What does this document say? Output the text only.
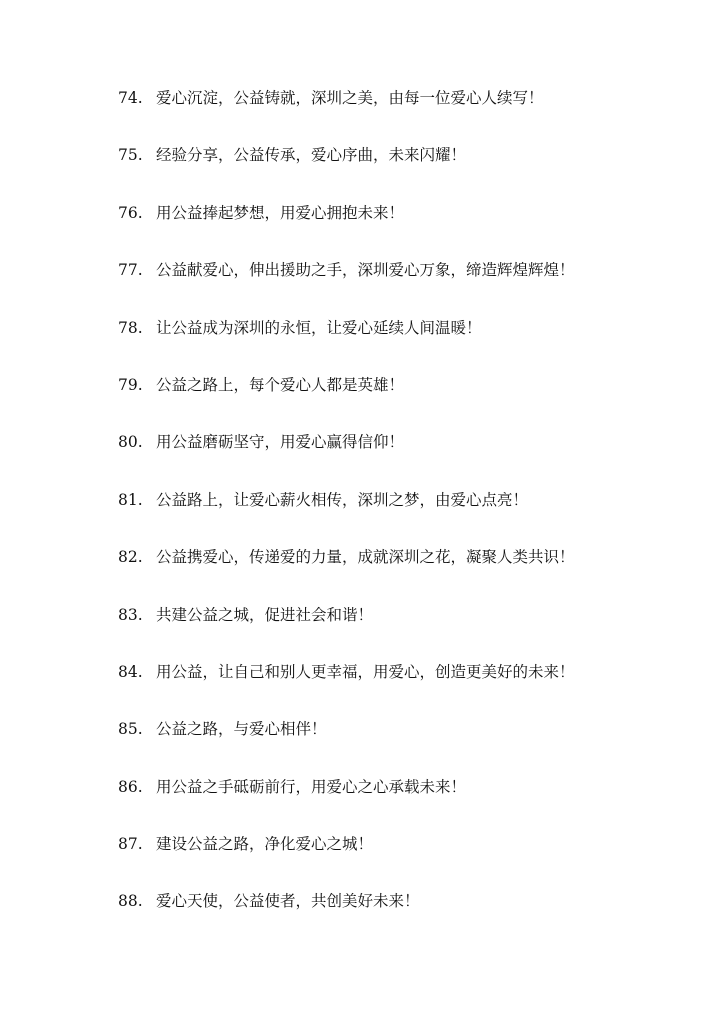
74. 爱心沉淀，公益铸就，深圳之美，由每一位爱心人续写！
75. 经验分享，公益传承，爱心序曲，未来闪耀！
76. 用公益捧起梦想，用爱心拥抱未来！
77. 公益献爱心，伸出援助之手，深圳爱心万象，缔造辉煌辉煌！
78. 让公益成为深圳的永恒，让爱心延续人间温暖！
79. 公益之路上，每个爱心人都是英雄！
80. 用公益磨砺坚守，用爱心赢得信仰！
81. 公益路上，让爱心薪火相传，深圳之梦，由爱心点亮！
82. 公益携爱心，传递爱的力量，成就深圳之花，凝聚人类共识！
83. 共建公益之城，促进社会和谐！
84. 用公益，让自己和别人更幸福，用爱心，创造更美好的未来！
85. 公益之路，与爱心相伴！
86. 用公益之手砥砺前行，用爱心之心承载未来！
87. 建设公益之路，净化爱心之城！
88. 爱心天使，公益使者，共创美好未来！
